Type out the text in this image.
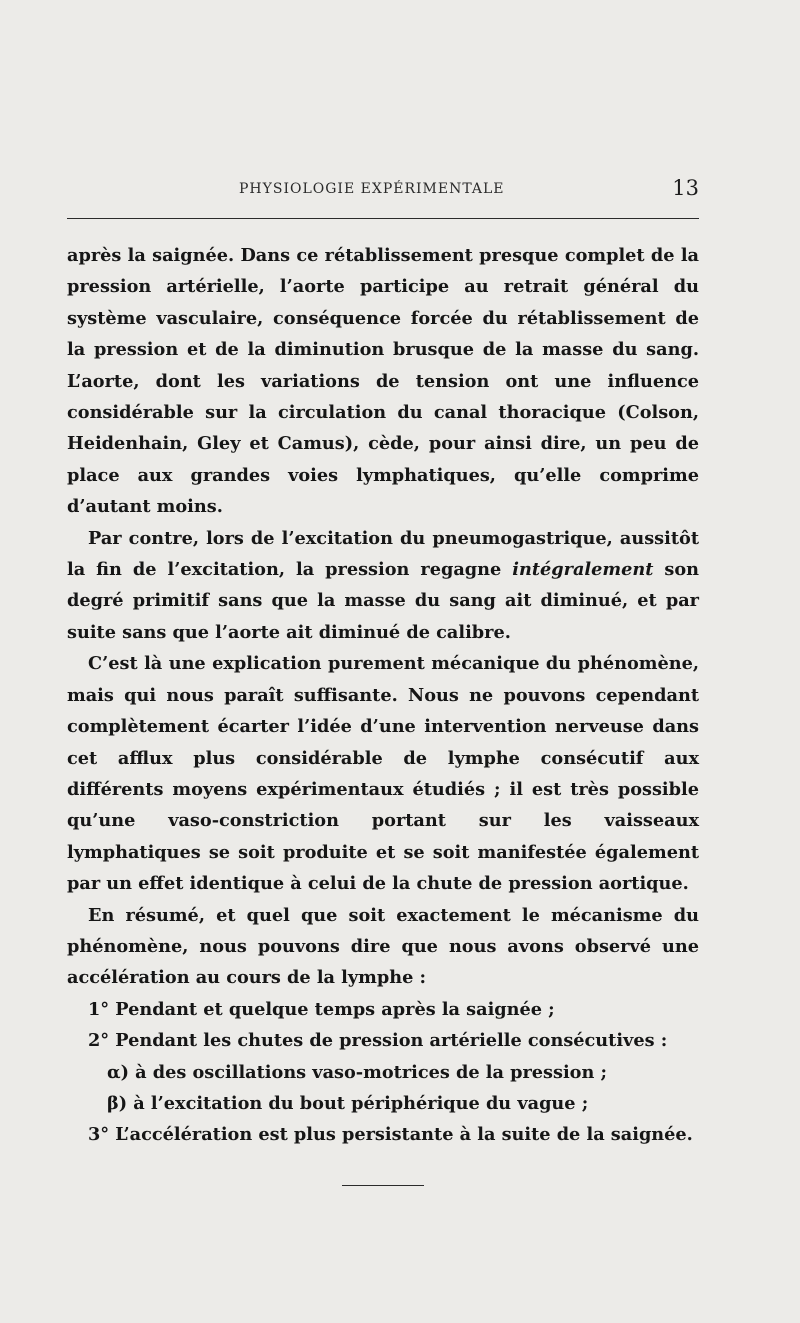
PHYSIOLOGIE EXPÉRIMENTALE	13

après la saignée. Dans ce rétablissement presque complet de la pression artérielle, l’aorte participe au retrait général du système vasculaire, conséquence forcée du rétablissement de la pression et de la diminution brusque de la masse du sang. L’aorte, dont les variations de tension ont une influence considérable sur la circulation du canal thoracique (Colson, Heidenhain, Gley et Camus), cède, pour ainsi dire, un peu de place aux grandes voies lymphatiques, qu’elle comprime d’autant moins.

Par contre, lors de l’excitation du pneumogastrique, aussitôt la fin de l’excitation, la pression regagne intégralement son degré primitif sans que la masse du sang ait diminué, et par suite sans que l’aorte ait diminué de calibre.

C’est là une explication purement mécanique du phénomène, mais qui nous paraît suffisante. Nous ne pouvons cependant complètement écarter l’idée d’une intervention nerveuse dans cet afflux plus considérable de lymphe consécutif aux différents moyens expérimentaux étudiés ; il est très possible qu’une vaso-constriction portant sur les vaisseaux lymphatiques se soit produite et se soit manifestée également par un effet identique à celui de la chute de pression aortique.

En résumé, et quel que soit exactement le mécanisme du phénomène, nous pouvons dire que nous avons observé une accélération au cours de la lymphe :

1° Pendant et quelque temps après la saignée ;
2° Pendant les chutes de pression artérielle consécutives :
α) à des oscillations vaso-motrices de la pression ;
β) à l’excitation du bout périphérique du vague ;
3° L’accélération est plus persistante à la suite de la saignée.
